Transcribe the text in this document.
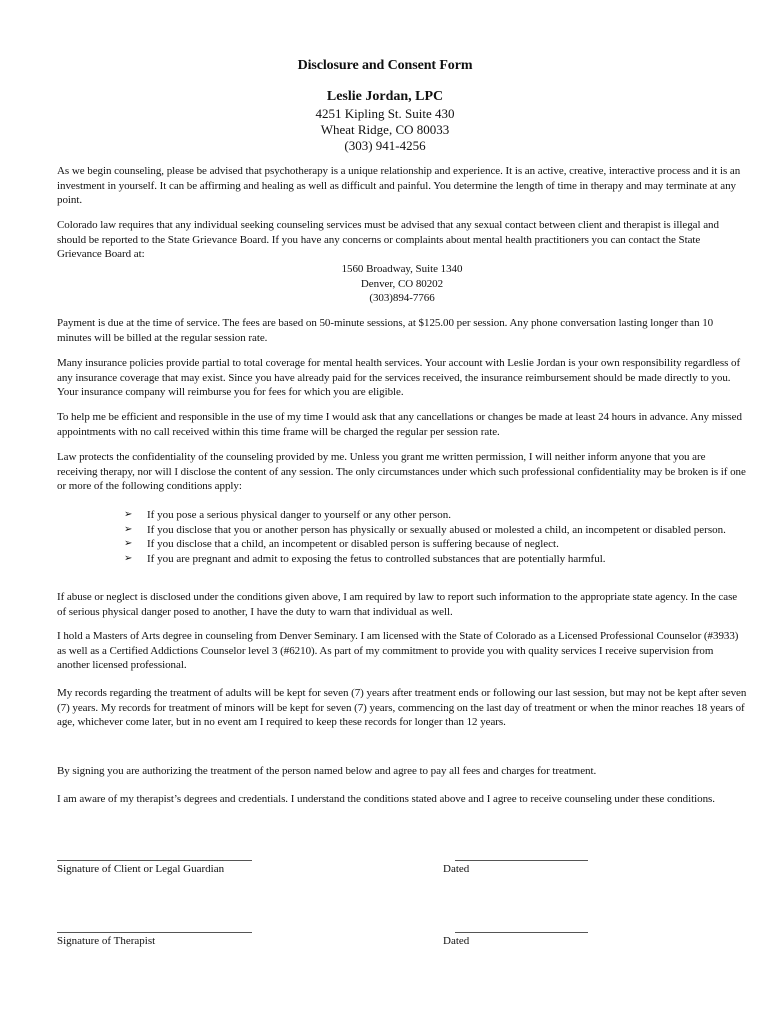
Disclosure and Consent Form
Leslie Jordan, LPC
4251 Kipling St. Suite 430
Wheat Ridge, CO 80033
(303) 941-4256

As we begin counseling, please be advised that psychotherapy is a unique relationship and experience. It is an active, creative, interactive process and it is an investment in yourself. It can be affirming and healing as well as difficult and painful. You determine the length of time in therapy and may terminate at any point.

Colorado law requires that any individual seeking counseling services must be advised that any sexual contact between client and therapist is illegal and should be reported to the State Grievance Board. If you have any concerns or complaints about mental health practitioners you can contact the State Grievance Board at:

1560 Broadway, Suite 1340
Denver, CO 80202
(303)894-7766

Payment is due at the time of service. The fees are based on 50-minute sessions, at $125.00 per session. Any phone conversation lasting longer than 10 minutes will be billed at the regular session rate.

Many insurance policies provide partial to total coverage for mental health services. Your account with Leslie Jordan is your own responsibility regardless of any insurance coverage that may exist. Since you have already paid for the services received, the insurance reimbursement should be made directly to you. Your insurance company will reimburse you for fees for which you are eligible.

To help me be efficient and responsible in the use of my time I would ask that any cancellations or changes be made at least 24 hours in advance. Any missed appointments with no call received within this time frame will be charged the regular per session rate.

Law protects the confidentiality of the counseling provided by me. Unless you grant me written permission, I will neither inform anyone that you are receiving therapy, nor will I disclose the content of any session. The only circumstances under which such professional confidentiality may be broken is if one or more of the following conditions apply:

➢ If you pose a serious physical danger to yourself or any other person.
➢ If you disclose that you or another person has physically or sexually abused or molested a child, an incompetent or disabled person.
➢ If you disclose that a child, an incompetent or disabled person is suffering because of neglect.
➢ If you are pregnant and admit to exposing the fetus to controlled substances that are potentially harmful.

If abuse or neglect is disclosed under the conditions given above, I am required by law to report such information to the appropriate state agency. In the case of serious physical danger posed to another, I have the duty to warn that individual as well.

I hold a Masters of Arts degree in counseling from Denver Seminary. I am licensed with the State of Colorado as a Licensed Professional Counselor (#3933) as well as a Certified Addictions Counselor level 3 (#6210). As part of my commitment to provide you with quality services I receive supervision from another licensed professional.

My records regarding the treatment of adults will be kept for seven (7) years after treatment ends or following our last session, but may not be kept after seven (7) years. My records for treatment of minors will be kept for seven (7) years, commencing on the last day of treatment or when the minor reaches 18 years of age, whichever come later, but in no event am I required to keep these records for longer than 12 years.

By signing you are authorizing the treatment of the person named below and agree to pay all fees and charges for treatment.

I am aware of my therapist’s degrees and credentials. I understand the conditions stated above and I agree to receive counseling under these conditions.

Signature of Client or Legal Guardian	Dated
Signature of Therapist	Dated
